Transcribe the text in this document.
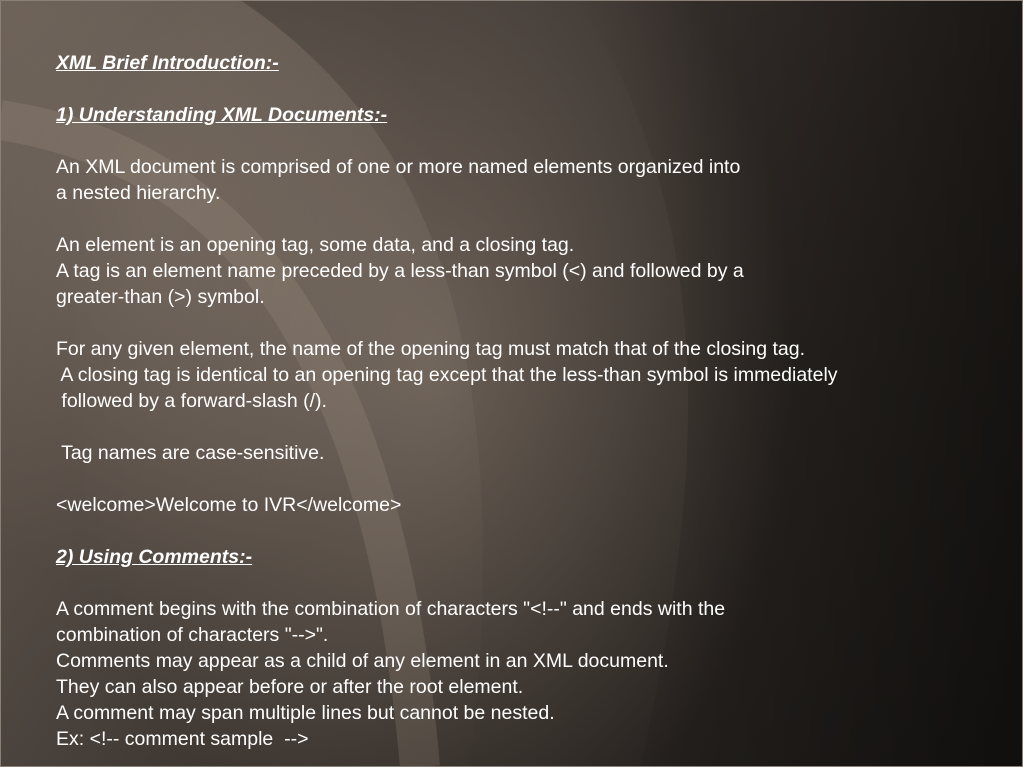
XML Brief Introduction:-
1) Understanding XML Documents:-
An XML document is comprised of one or more named elements organized into
a nested hierarchy.
An element is an opening tag, some data, and a closing tag.
A tag is an element name preceded by a less-than symbol (<) and followed by a
greater-than (>) symbol.
For any given element, the name of the opening tag must match that of the closing tag.
A closing tag is identical to an opening tag except that the less-than symbol is immediately
followed by a forward-slash (/).
Tag names are case-sensitive.
<welcome>Welcome to IVR</welcome>
2) Using Comments:-
A comment begins with the combination of characters "<!--" and ends with the
combination of characters "-->".
Comments may appear as a child of any element in an XML document.
They can also appear before or after the root element.
A comment may span multiple lines but cannot be nested.
Ex: <!-- comment sample  -->
